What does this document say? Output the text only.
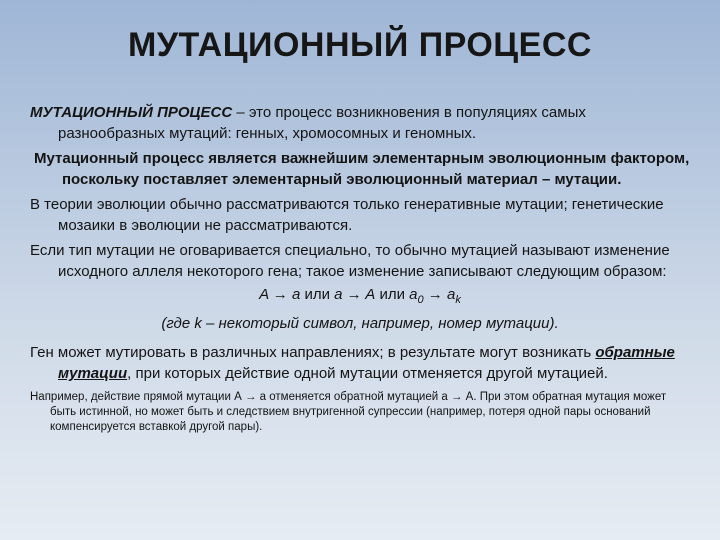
МУТАЦИОННЫЙ ПРОЦЕСС

МУТАЦИОННЫЙ ПРОЦЕСС – это процесс возникновения в популяциях самых разнообразных мутаций: генных, хромосомных и геномных.

Мутационный процесс является важнейшим элементарным эволюционным фактором, поскольку поставляет элементарный эволюционный материал – мутации.

В теории эволюции обычно рассматриваются только генеративные мутации; генетические мозаики в эволюции не рассматриваются.

Если тип мутации не оговаривается специально, то обычно мутацией называют изменение исходного аллеля некоторого гена; такое изменение записывают следующим образом:

A → a или a → A или $a_0 \to a_k$

(где k – некоторый символ, например, номер мутации).

Ген может мутировать в различных направлениях; в результате могут возникать обратные мутации, при которых действие одной мутации отменяется другой мутацией.

Например, действие прямой мутации А → а отменяется обратной мутацией а → А. При этом обратная мутация может быть истинной, но может быть и следствием внутригенной супрессии (например, потеря одной пары оснований компенсируется вставкой другой пары).
